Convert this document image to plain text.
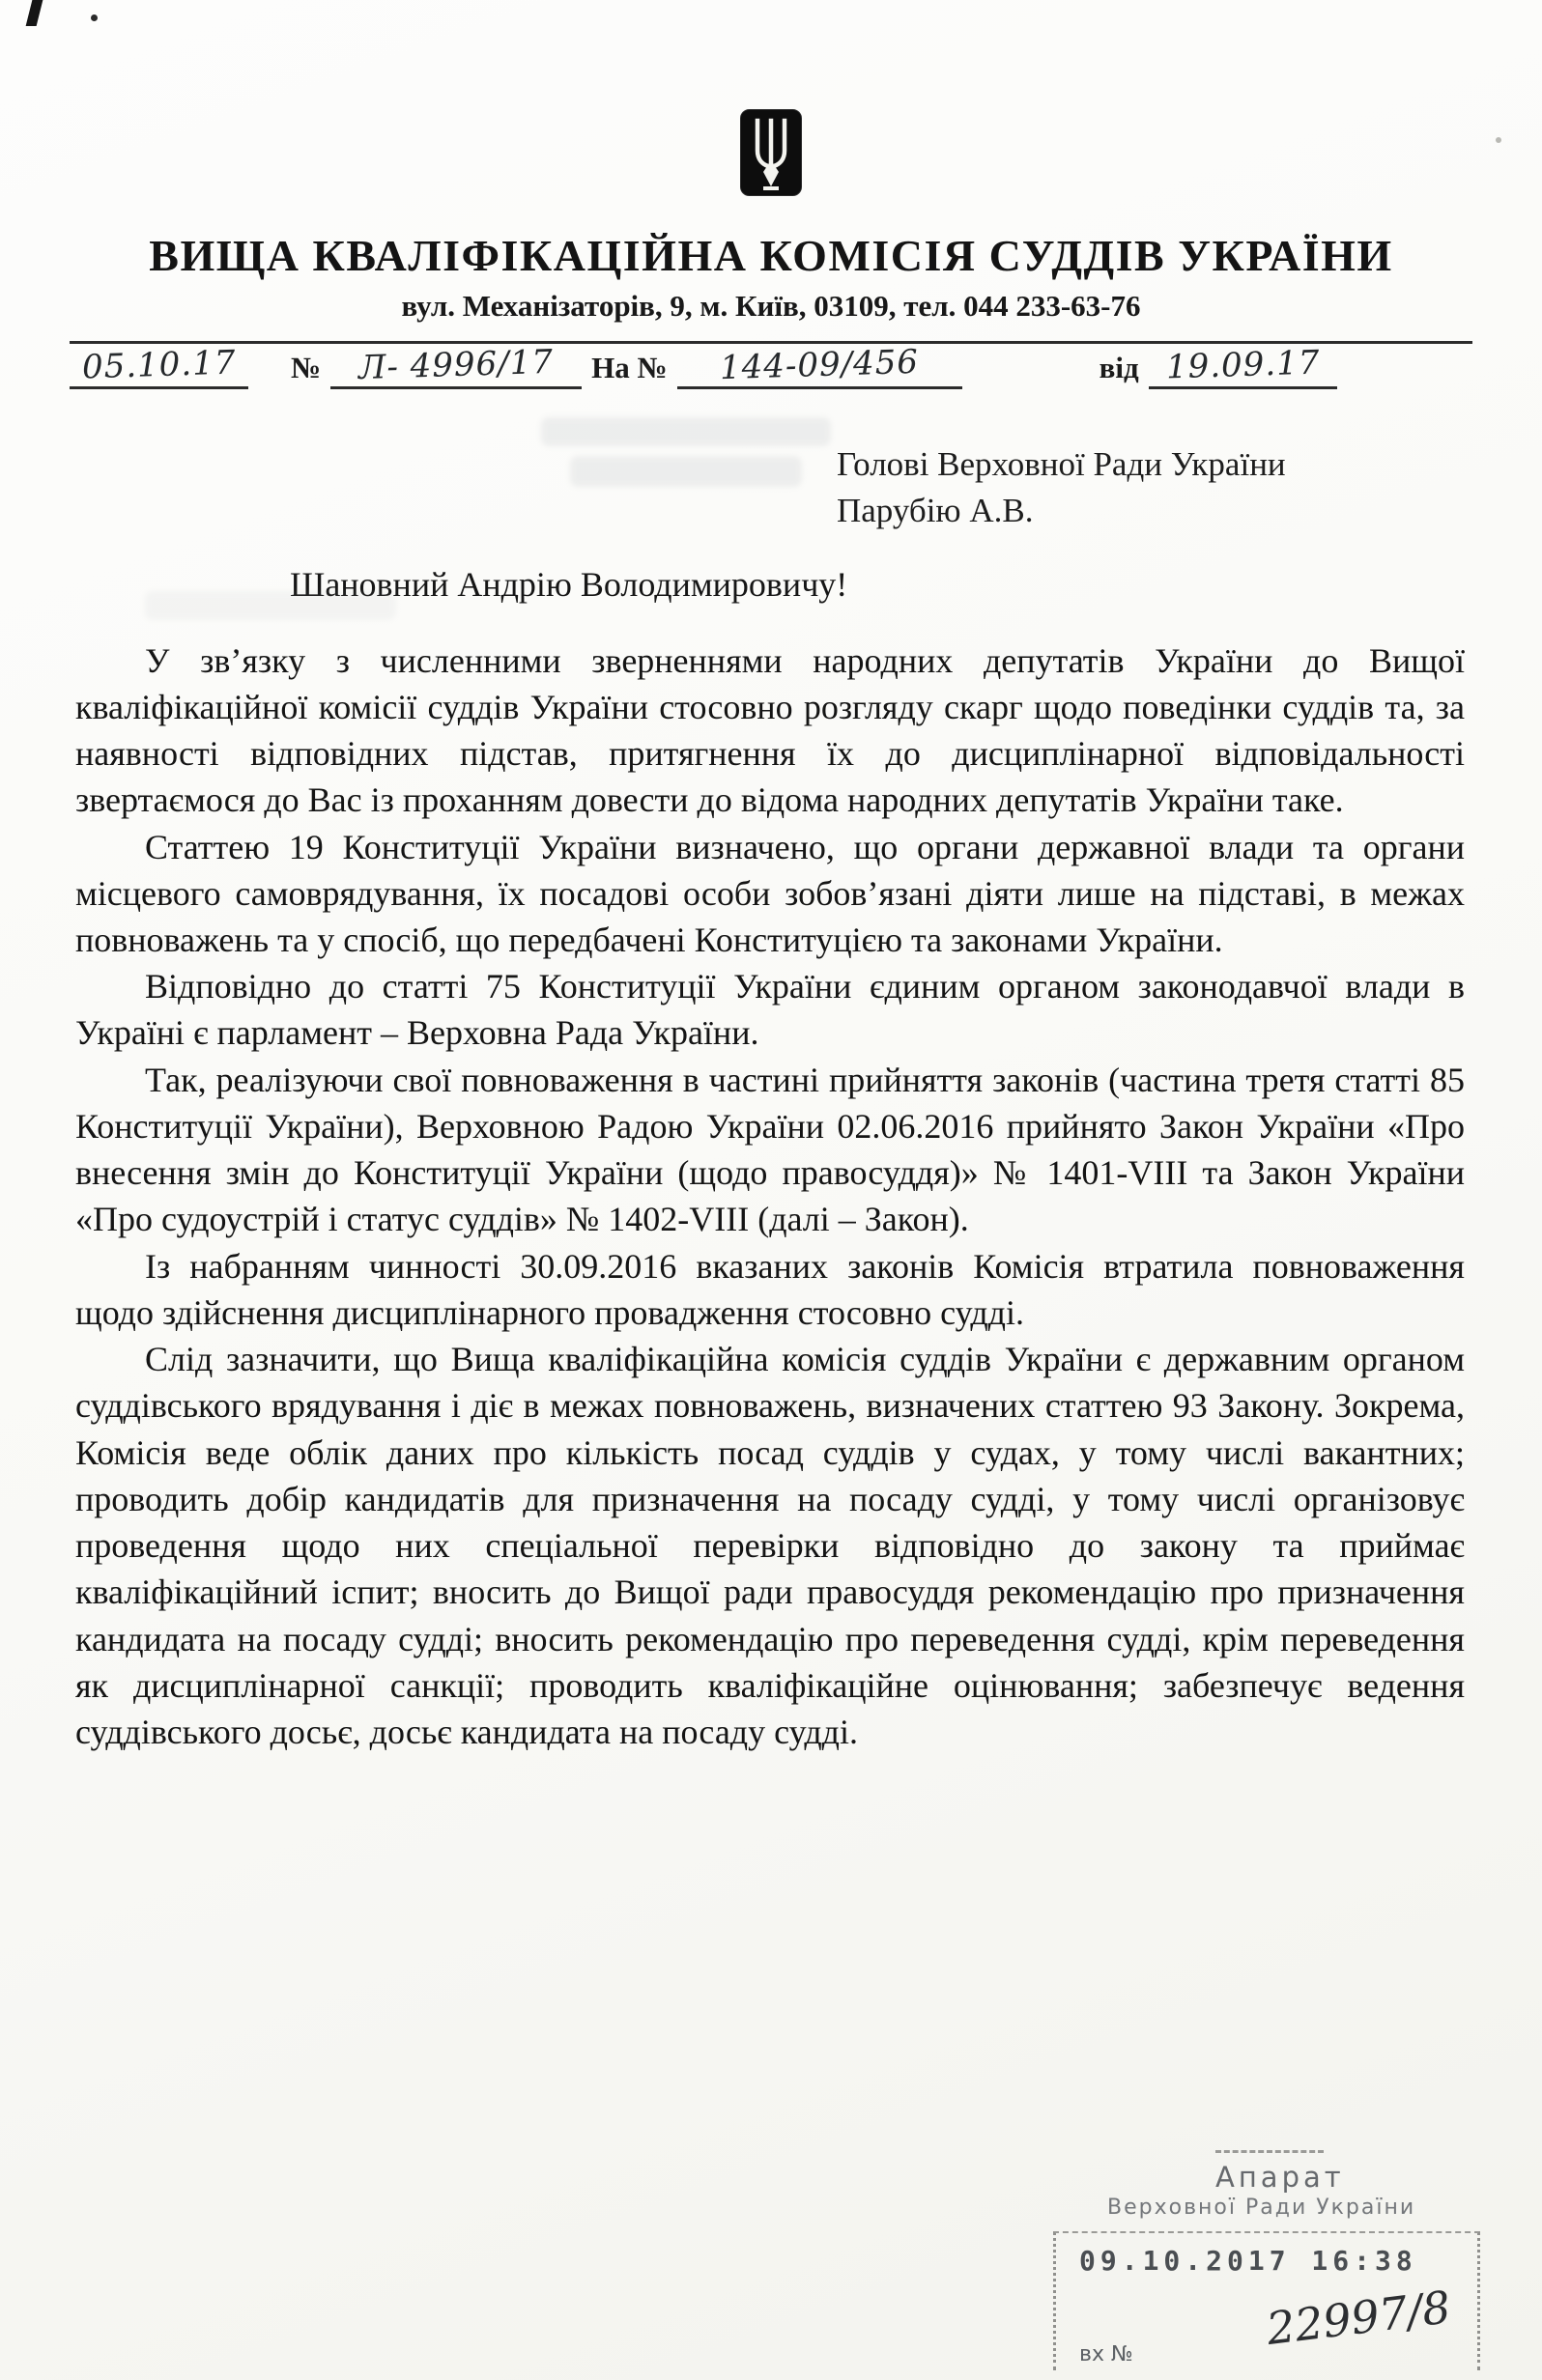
ВИЩА КВАЛІФІКАЦІЙНА КОМІСІЯ СУДДІВ УКРАЇНИ
вул. Механізаторів, 9, м. Київ, 03109, тел. 044 233-63-76
05.10.17	№	Л- 4996/17	На №	144-09/456	від 19.09.17
Голові Верховної Ради України
Парубію А.В.
Шановний Андрію Володимировичу!

У зв’язку з численними зверненнями народних депутатів України до Вищої кваліфікаційної комісії суддів України стосовно розгляду скарг щодо поведінки суддів та, за наявності відповідних підстав, притягнення їх до дисциплінарної відповідальності звертаємося до Вас із проханням довести до відома народних депутатів України таке.

Статтею 19 Конституції України визначено, що органи державної влади та органи місцевого самоврядування, їх посадові особи зобов’язані діяти лише на підставі, в межах повноважень та у спосіб, що передбачені Конституцією та законами України.

Відповідно до статті 75 Конституції України єдиним органом законодавчої влади в Україні є парламент – Верховна Рада України.

Так, реалізуючи свої повноваження в частині прийняття законів (частина третя статті 85 Конституції України), Верховною Радою України 02.06.2016 прийнято Закон України «Про внесення змін до Конституції України (щодо правосуддя)» № 1401-VIII та Закон України «Про судоустрій і статус суддів» № 1402-VIII (далі – Закон).

Із набранням чинності 30.09.2016 вказаних законів Комісія втратила повноваження щодо здійснення дисциплінарного провадження стосовно судді.

Слід зазначити, що Вища кваліфікаційна комісія суддів України є державним органом суддівського врядування і діє в межах повноважень, визначених статтею 93 Закону. Зокрема, Комісія веде облік даних про кількість посад суддів у судах, у тому числі вакантних; проводить добір кандидатів для призначення на посаду судді, у тому числі організовує проведення щодо них спеціальної перевірки відповідно до закону та приймає кваліфікаційний іспит; вносить до Вищої ради правосуддя рекомендацію про призначення кандидата на посаду судді; вносить рекомендацію про переведення судді, крім переведення як дисциплінарної санкції; проводить кваліфікаційне оцінювання; забезпечує ведення суддівського досьє, досьє кандидата на посаду судді.

Апарат
Верховної Ради України
09.10.2017 16:38
22997/8
вх №
